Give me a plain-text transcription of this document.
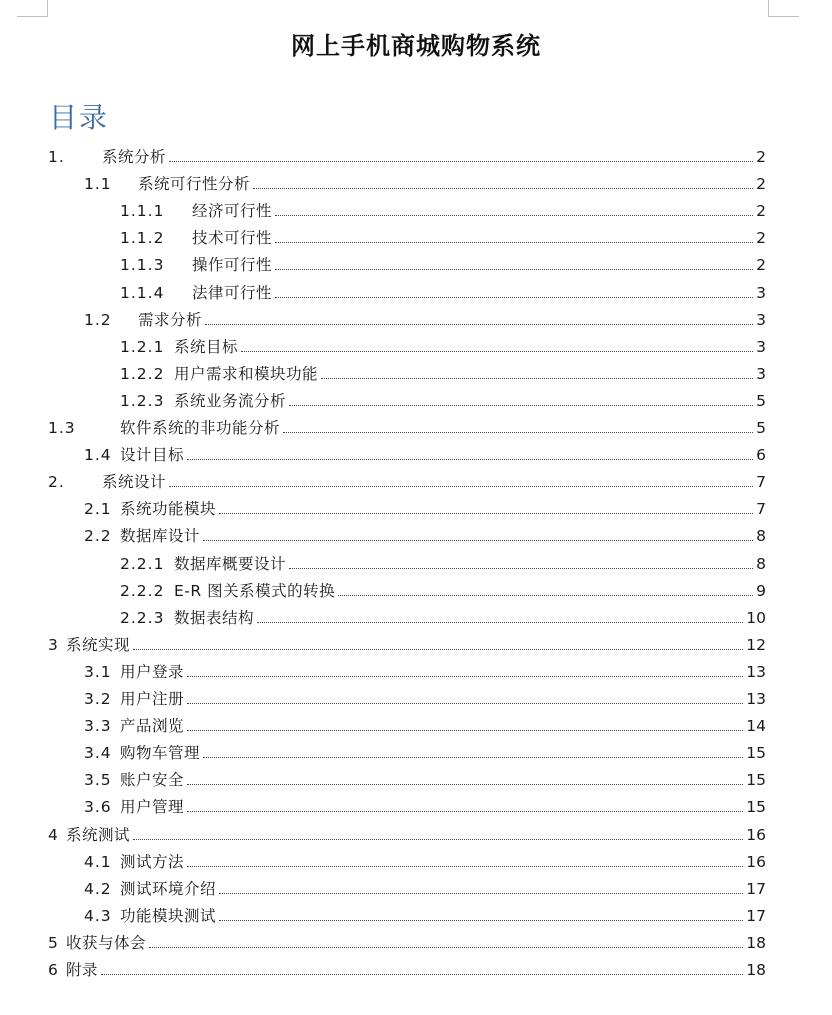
网上手机商城购物系统
目录
1.	系统分析	2
1.1	系统可行性分析	2
1.1.1	经济可行性	2
1.1.2	技术可行性	2
1.1.3	操作可行性	2
1.1.4	法律可行性	3
1.2	需求分析	3
1.2.1 系统目标	3
1.2.2 用户需求和模块功能	3
1.2.3 系统业务流分析	5
1.3	软件系统的非功能分析	5
1.4 设计目标	6
2.	系统设计	7
2.1 系统功能模块	7
2.2 数据库设计	8
2.2.1 数据库概要设计	8
2.2.2 E-R 图关系模式的转换	9
2.2.3 数据表结构	10
3 系统实现	12
3.1 用户登录	13
3.2 用户注册	13
3.3 产品浏览	14
3.4 购物车管理	15
3.5 账户安全	15
3.6 用户管理	15
4 系统测试	16
4.1 测试方法	16
4.2 测试环境介绍	17
4.3 功能模块测试	17
5 收获与体会	18
6 附录	18
